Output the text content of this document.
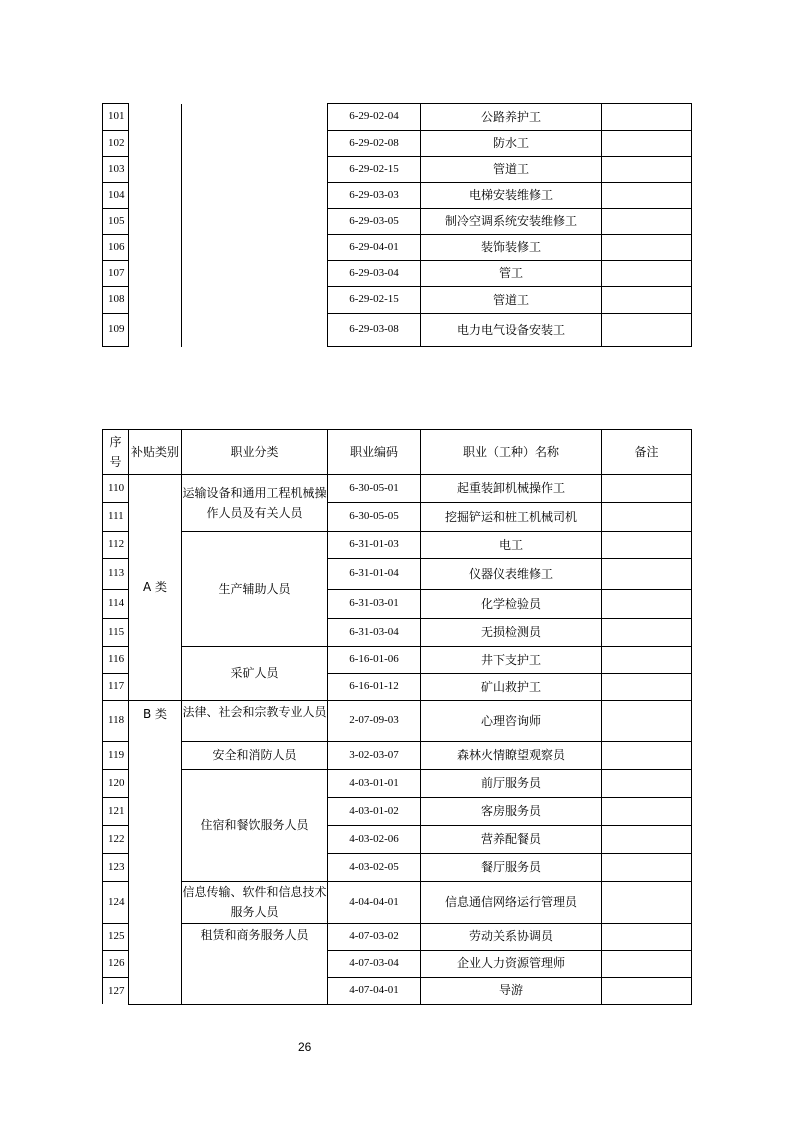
101			6-29-02-04	公路养护工	
102			6-29-02-08	防水工	
103			6-29-02-15	管道工	
104			6-29-03-03	电梯安装维修工	
105			6-29-03-05	制冷空调系统安装维修工	
106			6-29-04-01	装饰装修工	
107			6-29-03-04	管工	
108			6-29-02-15	管道工	
109			6-29-03-08	电力电气设备安装工	
序
号	补贴类别	职业分类	职业编码	职业（工种）名称	备注
110	A 类	运输设备和通用工程机械操
作人员及有关人员	6-30-05-01	起重装卸机械操作工	
111			6-30-05-05	挖掘铲运和桩工机械司机	
112		生产辅助人员	6-31-01-03	电工	
113			6-31-01-04	仪器仪表维修工	
114			6-31-03-01	化学检验员	
115			6-31-03-04	无损检测员	
116		采矿人员	6-16-01-06	井下支护工	
117			6-16-01-12	矿山救护工	
118	B 类	法律、社会和宗教专业人员	2-07-09-03	心理咨询师	
119		安全和消防人员	3-02-03-07	森林火情瞭望观察员	
120		住宿和餐饮服务人员	4-03-01-01	前厅服务员	
121			4-03-01-02	客房服务员	
122			4-03-02-06	营养配餐员	
123			4-03-02-05	餐厅服务员	
124		信息传输、软件和信息技术
服务人员	4-04-04-01	信息通信网络运行管理员	
125		租赁和商务服务人员	4-07-03-02	劳动关系协调员	
126			4-07-03-04	企业人力资源管理师	
127			4-07-04-01	导游	
26
